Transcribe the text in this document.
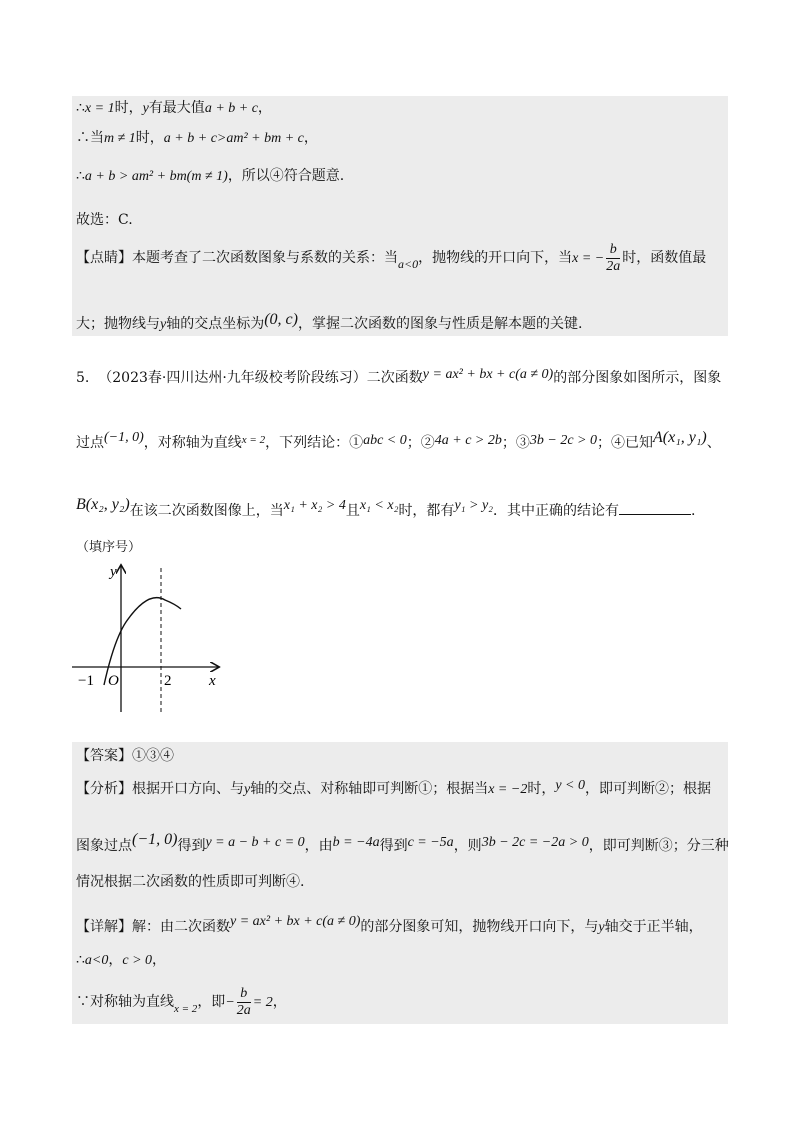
∴x = 1时，y有最大值a + b + c，
∴当m ≠ 1时，a + b + c>am² + bm + c，
∴a + b > am² + bm(m ≠ 1)，所以④符合题意.
故选：C.
【点睛】本题考查了二次函数图象与系数的关系：当a<0，抛物线的开口向下，当x = − $\frac{b}{2a}$ 时，函数值最
大；抛物线与y轴的交点坐标为(0, c)，掌握二次函数的图象与性质是解本题的关键.
5. （2023春·四川达州·九年级校考阶段练习）二次函数y = ax² + bx + c(a ≠ 0)的部分图象如图所示，图象
过点(−1, 0)，对称轴为直线$^{x = 2}$，下列结论：①abc < 0；②4a + c > 2b；③3b − 2c > 0；④已知A(x₁, y₁)、
B(x₂, y₂)在该二次函数图像上，当x₁ + x₂ > 4且x₁ < x₂时，都有y₁ > y₂．其中正确的结论有	.
（填序号）
y
x
O
−1	2
【答案】①③④
【分析】根据开口方向、与y轴的交点、对称轴即可判断①；根据当x = −2时，y < 0，即可判断②；根据
图象过点(−1, 0)得到y = a − b + c = 0，由b = −4a得到c = −5a，则3b − 2c = −2a > 0，即可判断③；分三种
情况根据二次函数的性质即可判断④.
【详解】解：由二次函数y = ax² + bx + c(a ≠ 0)的部分图象可知，抛物线开口向下，与y轴交于正半轴，
∴a<0，c > 0，
∵对称轴为直线$_{x = 2}$，即− $\frac{b}{2a} = 2$，
